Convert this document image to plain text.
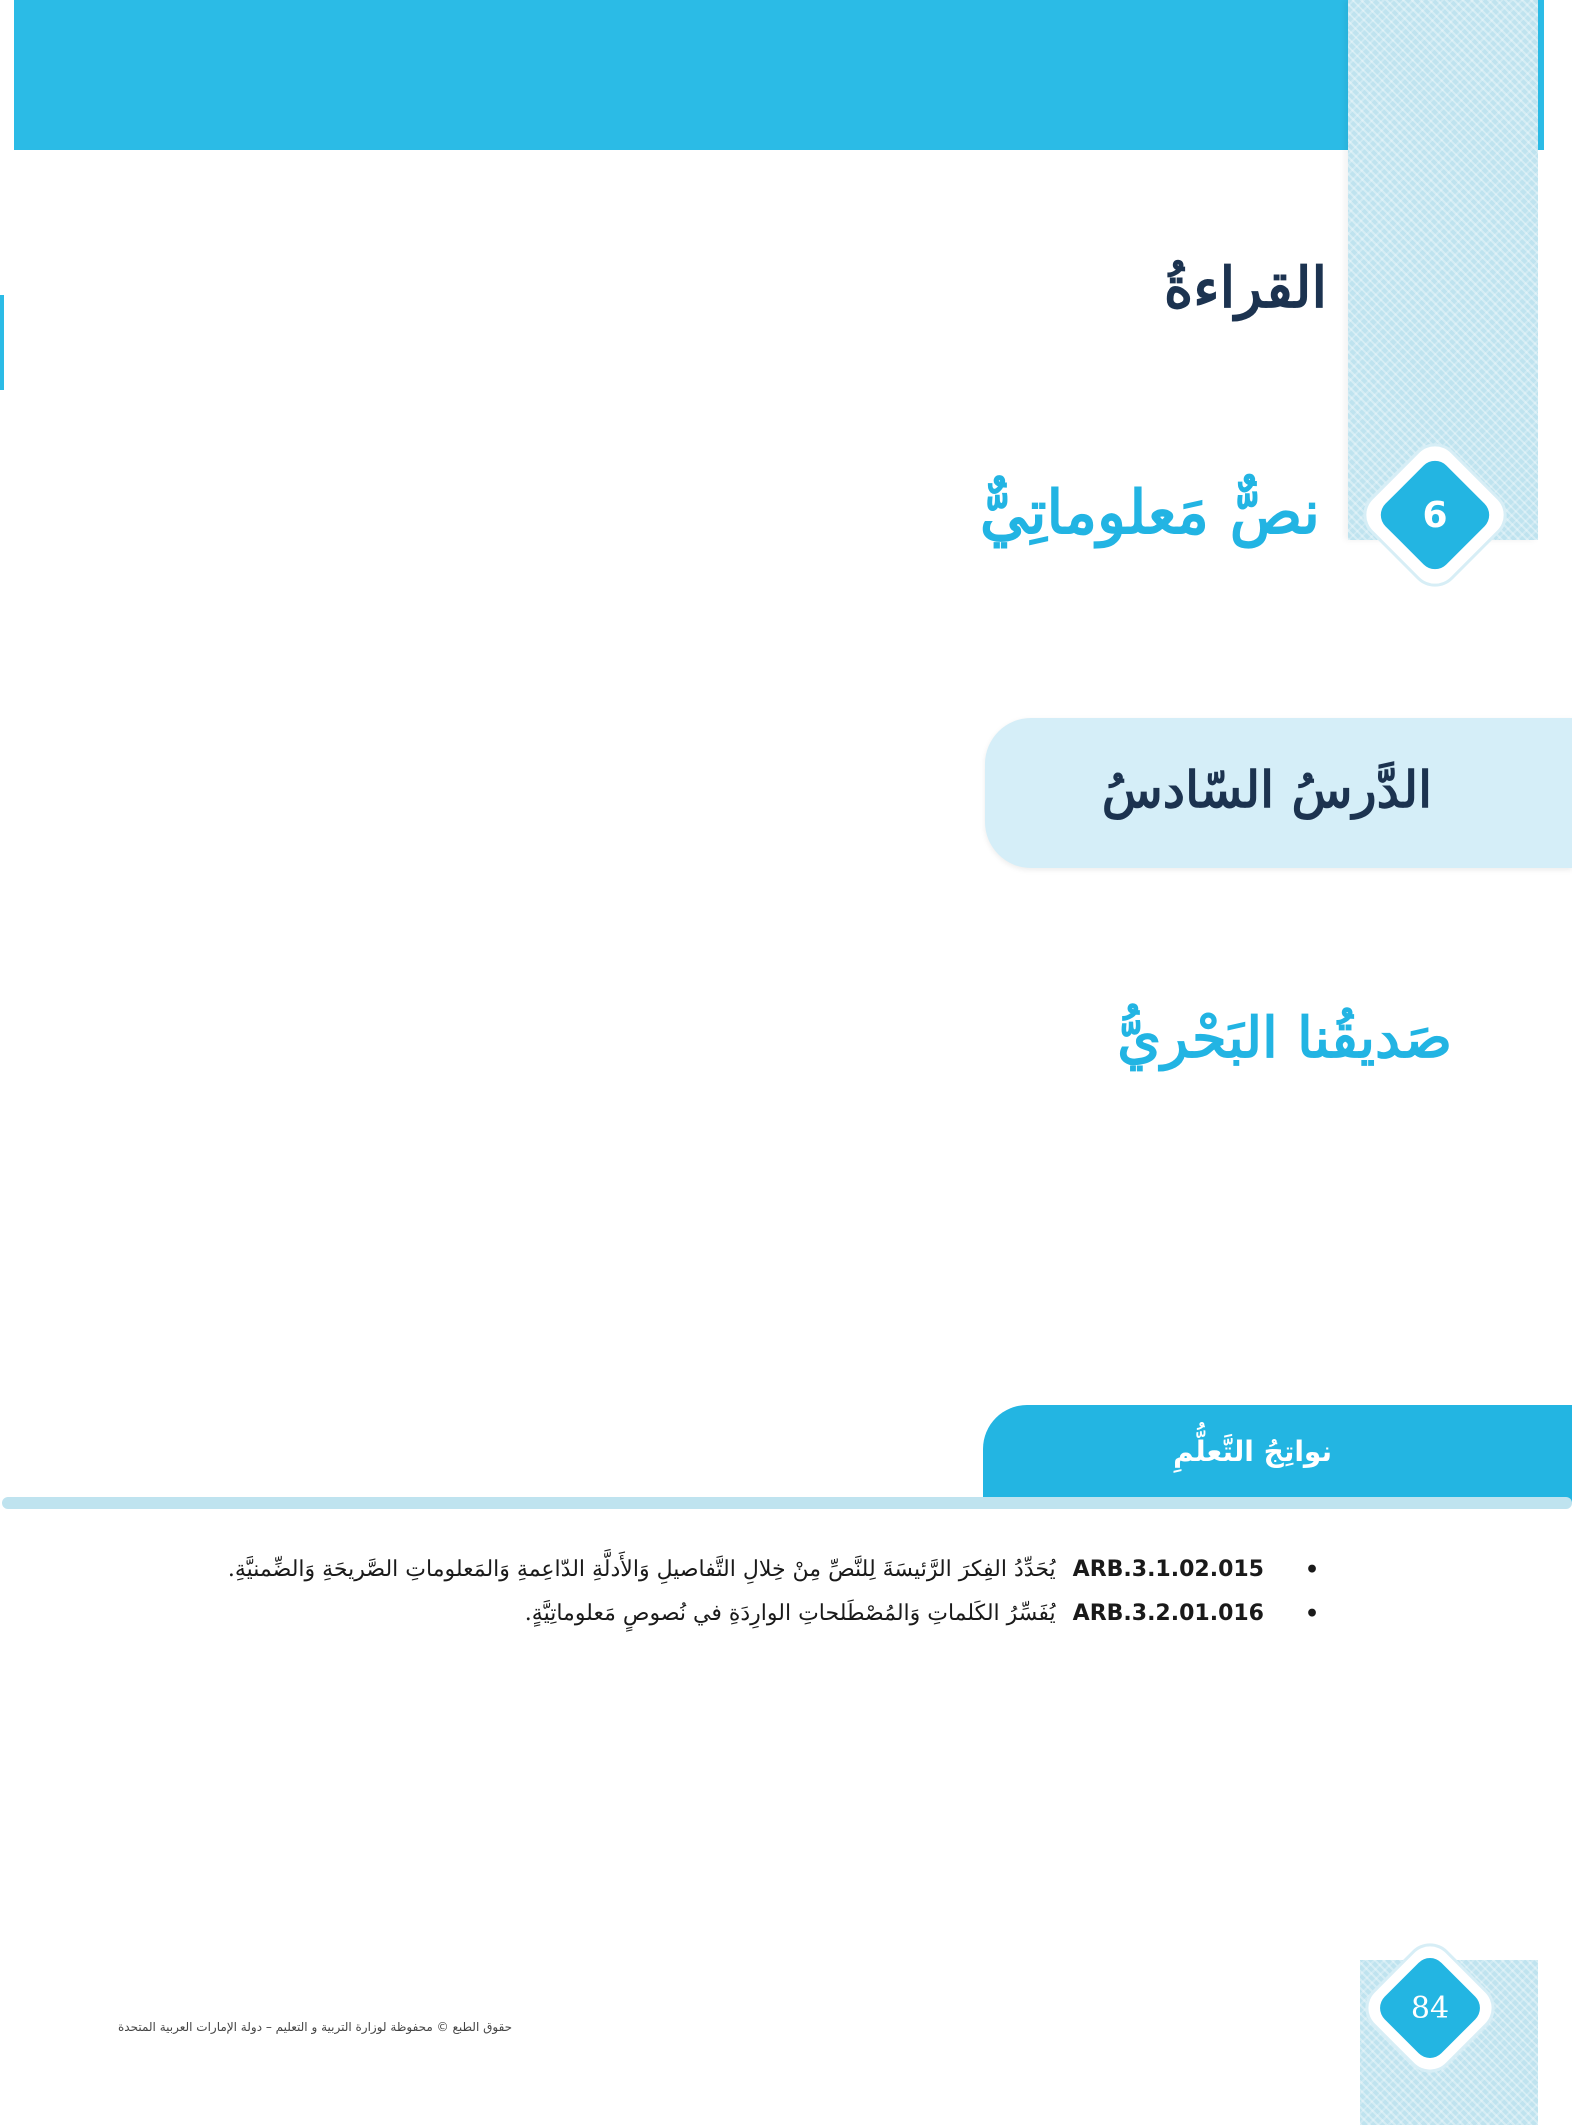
القراءةُ
6
نصٌّ مَعلوماتِيٌّ
الدَّرسُ السّادسُ
صَديقُنا البَحْريُّ
نواتِجُ التَّعلُّمِ
•
ARB.3.1.02.015 يُحَدِّدُ الفِكرَ الرَّئيسَةَ لِلنَّصِّ مِنْ خِلالِ التَّفاصيلِ وَالأَدلَّةِ الدّاعِمةِ وَالمَعلوماتِ الصَّريحَةِ وَالضِّمنيَّةِ.
•
ARB.3.2.01.016 يُفَسِّرُ الكَلماتِ وَالمُصْطَلحاتِ الوارِدَةِ في نُصوصٍ مَعلوماتِيَّةٍ.
84
حقوق الطبع © محفوظة لوزارة التربية و التعليم – دولة الإمارات العربية المتحدة
